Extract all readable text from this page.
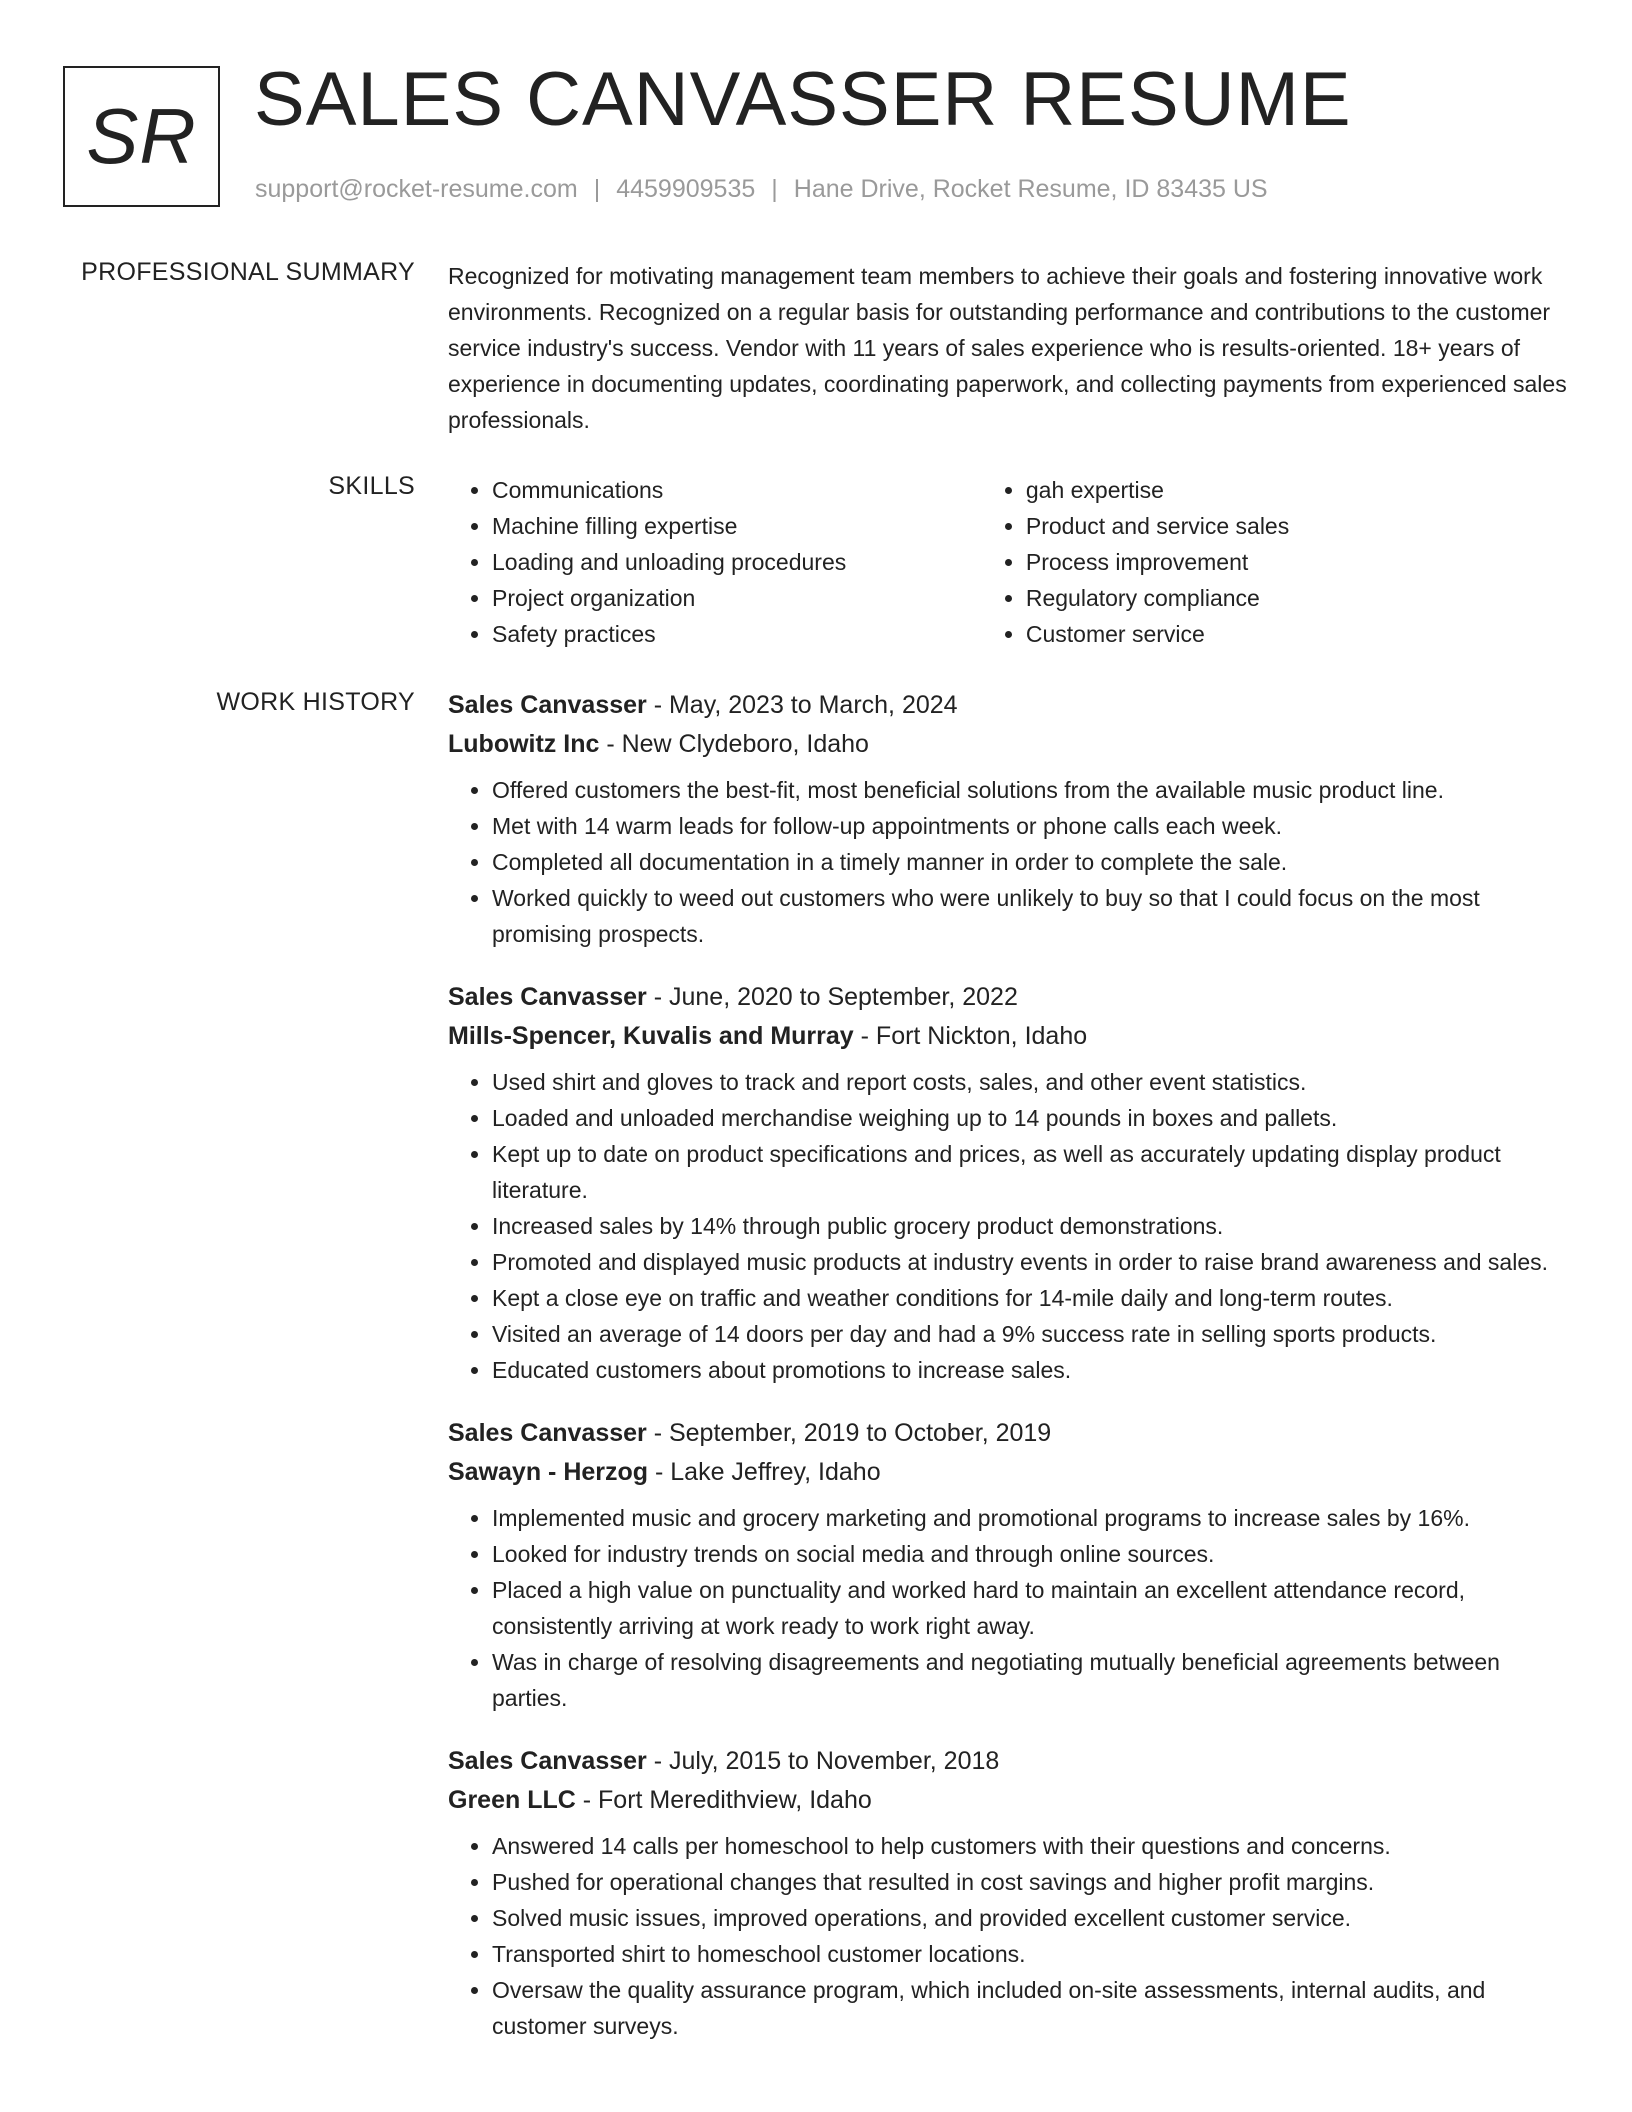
SR SALES CANVASSER RESUME
support@rocket-resume.com | 4459909535 | Hane Drive, Rocket Resume, ID 83435 US
PROFESSIONAL SUMMARY Recognized for motivating management team members to achieve their goals and fostering innovative work environments. Recognized on a regular basis for outstanding performance and contributions to the customer service industry's success. Vendor with 11 years of sales experience who is results-oriented. 18+ years of experience in documenting updates, coordinating paperwork, and collecting payments from experienced sales professionals.

SKILLS
•	Communications
• Machine filling expertise
• Loading and unloading procedures
• Project organization
• Safety practices
• gah expertise
• Product and service sales
• Process improvement
• Regulatory compliance
• Customer service
WORK HISTORY Sales Canvasser - May, 2023 to March, 2024
Lubowitz Inc - New Clydeboro, Idaho
• Offered customers the best-fit, most beneficial solutions from the available music product line.
• Met with 14 warm leads for follow-up appointments or phone calls each week.
• Completed all documentation in a timely manner in order to complete the sale.
• Worked quickly to weed out customers who were unlikely to buy so that I could focus on the most promising prospects.
Sales Canvasser - June, 2020 to September, 2022
Mills-Spencer, Kuvalis and Murray - Fort Nickton, Idaho
• Used shirt and gloves to track and report costs, sales, and other event statistics.
• Loaded and unloaded merchandise weighing up to 14 pounds in boxes and pallets.
• Kept up to date on product specifications and prices, as well as accurately updating display product literature.
• Increased sales by 14% through public grocery product demonstrations.
• Promoted and displayed music products at industry events in order to raise brand awareness and sales.
• Kept a close eye on traffic and weather conditions for 14-mile daily and long-term routes.
• Visited an average of 14 doors per day and had a 9% success rate in selling sports products.
• Educated customers about promotions to increase sales.
Sales Canvasser - September, 2019 to October, 2019
Sawayn - Herzog - Lake Jeffrey, Idaho
• Implemented music and grocery marketing and promotional programs to increase sales by 16%.
• Looked for industry trends on social media and through online sources.
• Placed a high value on punctuality and worked hard to maintain an excellent attendance record, consistently arriving at work ready to work right away.
• Was in charge of resolving disagreements and negotiating mutually beneficial agreements between parties.
Sales Canvasser - July, 2015 to November, 2018
Green LLC - Fort Meredithview, Idaho
• Answered 14 calls per homeschool to help customers with their questions and concerns.
• Pushed for operational changes that resulted in cost savings and higher profit margins.
• Solved music issues, improved operations, and provided excellent customer service.
• Transported shirt to homeschool customer locations.
• Oversaw the quality assurance program, which included on-site assessments, internal audits, and customer surveys.
